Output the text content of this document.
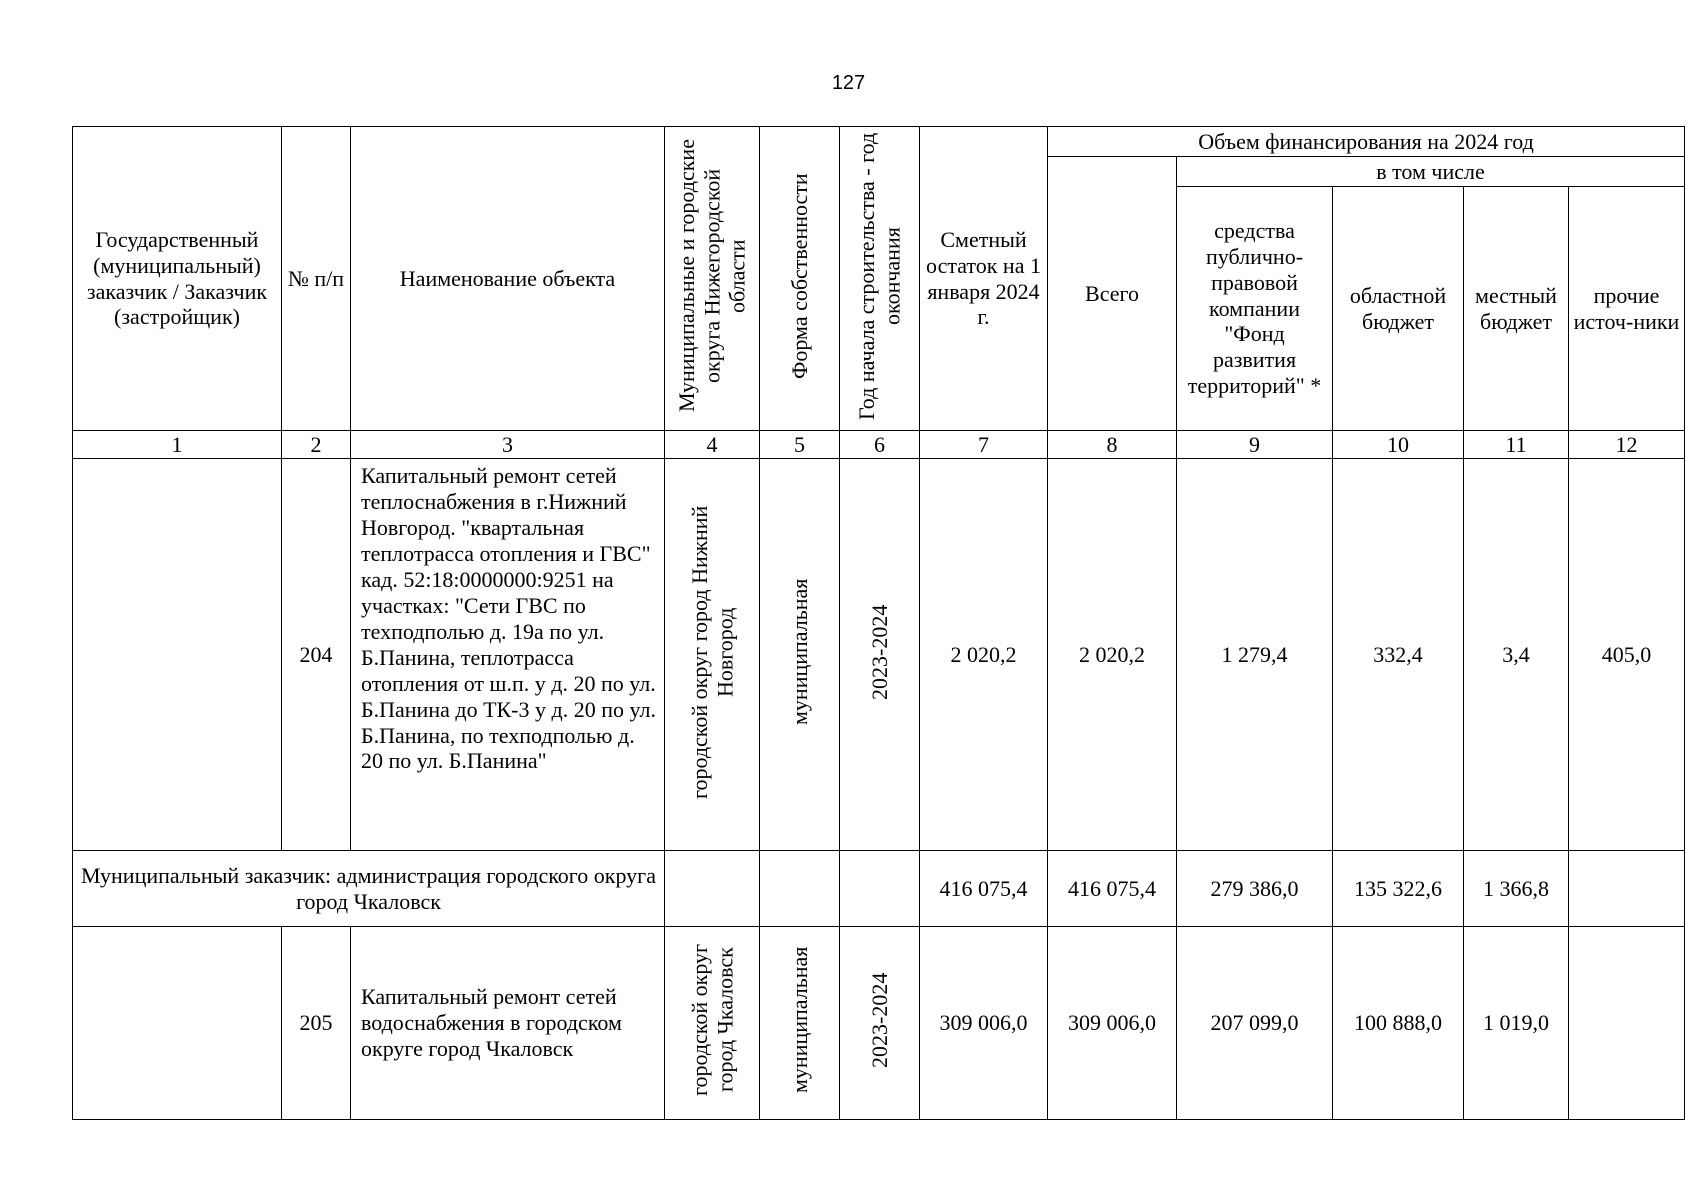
127
Государственный (муниципальный) заказчик / Заказчик (застройщик)	№ п/п	Наименование объекта	Муниципальные и городские округа Нижегородской области	Форма собственности	Год начала строительства - год окончания	Сметный остаток на 1 января 2024 г.	Объем финансирования на 2024 год				
							Всего	в том числе			
								средства публично-правовой компании "Фонд развития территорий" *	областной бюджет	местный бюджет	прочие источ-ники
1	2	3	4	5	6	7	8	9	10	11	12
	204	Капитальный ремонт сетей теплоснабжения в г.Нижний Новгород. "квартальная теплотрасса отопления и ГВС" кад. 52:18:0000000:9251 на участках: "Сети ГВС по техподполью д. 19а по ул. Б.Панина, теплотрасса отопления от ш.п. у д. 20 по ул. Б.Панина до ТК-3 у д. 20 по ул. Б.Панина, по техподполью д. 20 по ул. Б.Панина"	городской округ город Нижний Новгород	муниципальная	2023-2024	2 020,2	2 020,2	1 279,4	332,4	3,4	405,0
Муниципальный заказчик: администрация городского округа город Чкаловск						416 075,4	416 075,4	279 386,0	135 322,6	1 366,8	
	205	Капитальный ремонт сетей водоснабжения в городском округе город Чкаловск	городской округ город Чкаловск	муниципальная	2023-2024	309 006,0	309 006,0	207 099,0	100 888,0	1 019,0	
